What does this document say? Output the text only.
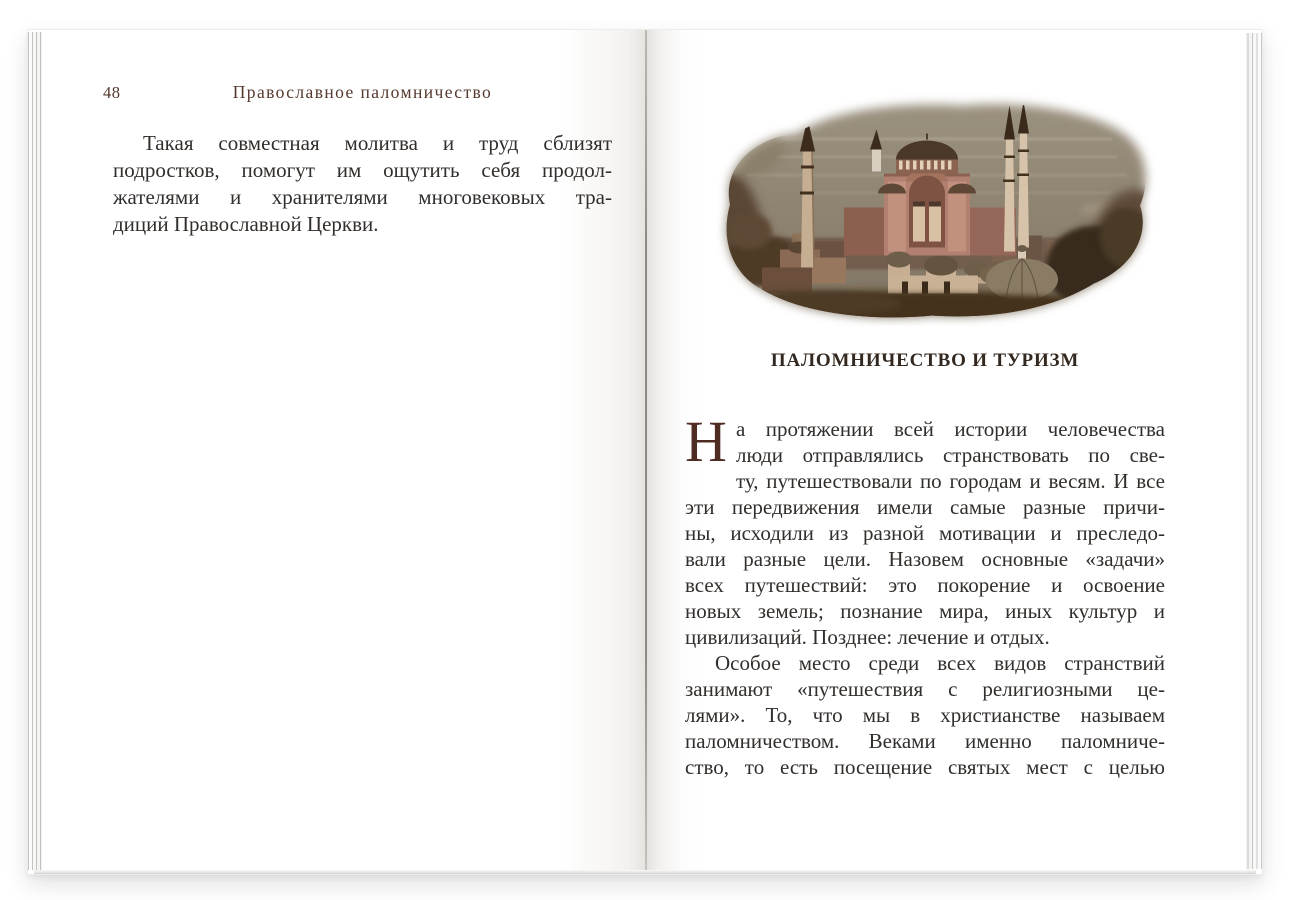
48	Православное паломничество
Такая совместная молитва и труд сблизят
подростков, помогут им ощутить себя продол-
жателями и хранителями многовековых тра-
диций Православной Церкви.
ПАЛОМНИЧЕСТВО И ТУРИЗМ
Н а протяжении всей истории человечества
люди отправлялись странствовать по све-
ту, путешествовали по городам и весям. И все
эти передвижения имели самые разные причи-
ны, исходили из разной мотивации и преследо-
вали разные цели. Назовем основные «задачи»
всех путешествий: это покорение и освоение
новых земель; познание мира, иных культур и
цивилизаций. Позднее: лечение и отдых.
Особое место среди всех видов странствий
занимают «путешествия с религиозными це-
лями». То, что мы в христианстве называем
паломничеством. Веками именно паломниче-
ство, то есть посещение святых мест с целью
